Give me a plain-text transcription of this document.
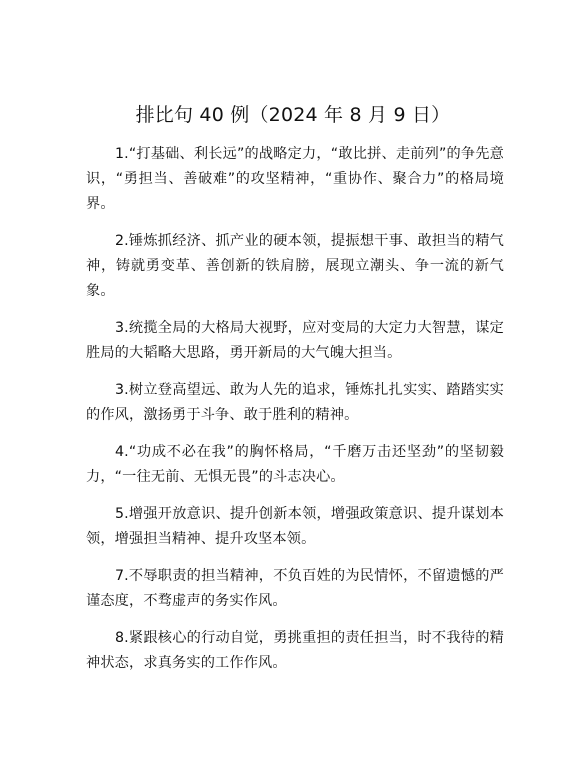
排比句 40 例（2024 年 8 月 9 日）

1.“打基础、利长远”的战略定力，“敢比拼、走前列”的争先意识，“勇担当、善破难”的攻坚精神，“重协作、聚合力”的格局境界。

2.锤炼抓经济、抓产业的硬本领，提振想干事、敢担当的精气神，铸就勇变革、善创新的铁肩膀，展现立潮头、争一流的新气象。

3.统揽全局的大格局大视野，应对变局的大定力大智慧，谋定胜局的大韬略大思路，勇开新局的大气魄大担当。

3.树立登高望远、敢为人先的追求，锤炼扎扎实实、踏踏实实的作风，激扬勇于斗争、敢于胜利的精神。

4.“功成不必在我”的胸怀格局，“千磨万击还坚劲”的坚韧毅力，“一往无前、无惧无畏”的斗志决心。

5.增强开放意识、提升创新本领，增强政策意识、提升谋划本领，增强担当精神、提升攻坚本领。

7.不辱职责的担当精神，不负百姓的为民情怀，不留遗憾的严谨态度，不骛虚声的务实作风。

8.紧跟核心的行动自觉，勇挑重担的责任担当，时不我待的精神状态，求真务实的工作作风。
